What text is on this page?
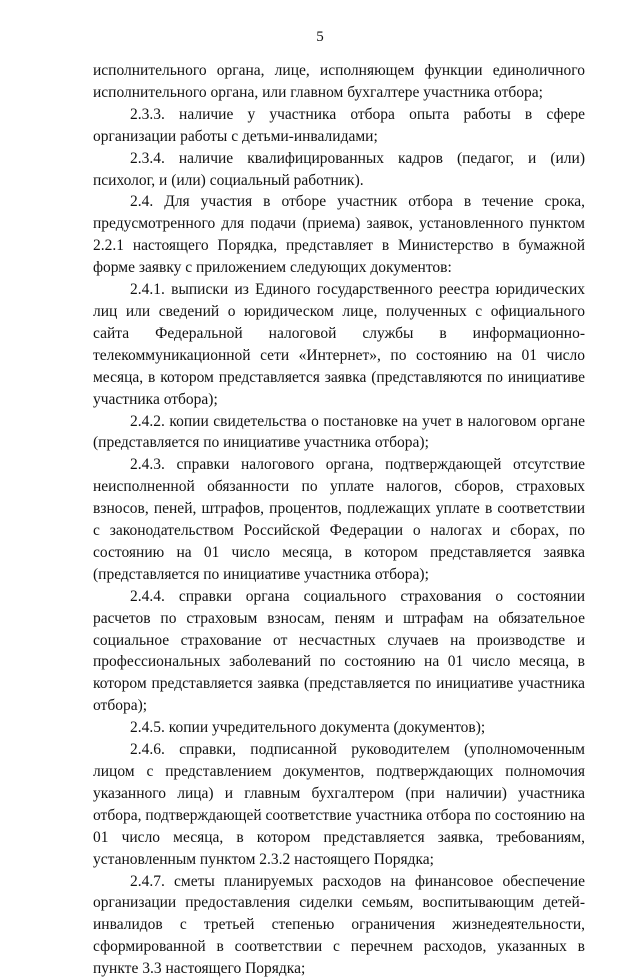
5

исполнительного органа, лице, исполняющем функции единоличного исполнительного органа, или главном бухгалтере участника отбора;

2.3.3. наличие у участника отбора опыта работы в сфере организации работы с детьми-инвалидами;

2.3.4. наличие квалифицированных кадров (педагог, и (или) психолог, и (или) социальный работник).

2.4. Для участия в отборе участник отбора в течение срока, предусмотренного для подачи (приема) заявок, установленного пунктом 2.2.1 настоящего Порядка, представляет в Министерство в бумажной форме заявку с приложением следующих документов:

2.4.1. выписки из Единого государственного реестра юридических лиц или сведений о юридическом лице, полученных с официального сайта Федеральной налоговой службы в информационно-телекоммуникационной сети «Интернет», по состоянию на 01 число месяца, в котором представляется заявка (представляются по инициативе участника отбора);

2.4.2. копии свидетельства о постановке на учет в налоговом органе (представляется по инициативе участника отбора);

2.4.3. справки налогового органа, подтверждающей отсутствие неисполненной обязанности по уплате налогов, сборов, страховых взносов, пеней, штрафов, процентов, подлежащих уплате в соответствии с законодательством Российской Федерации о налогах и сборах, по состоянию на 01 число месяца, в котором представляется заявка (представляется по инициативе участника отбора);

2.4.4. справки органа социального страхования о состоянии расчетов по страховым взносам, пеням и штрафам на обязательное социальное страхование от несчастных случаев на производстве и профессиональных заболеваний по состоянию на 01 число месяца, в котором представляется заявка (представляется по инициативе участника отбора);

2.4.5. копии учредительного документа (документов);

2.4.6. справки, подписанной руководителем (уполномоченным лицом с представлением документов, подтверждающих полномочия указанного лица) и главным бухгалтером (при наличии) участника отбора, подтверждающей соответствие участника отбора по состоянию на 01 число месяца, в котором представляется заявка, требованиям, установленным пунктом 2.3.2 настоящего Порядка;

2.4.7. сметы планируемых расходов на финансовое обеспечение организации предоставления сиделки семьям, воспитывающим детей-инвалидов с третьей степенью ограничения жизнедеятельности, сформированной в соответствии с перечнем расходов, указанных в пункте 3.3 настоящего Порядка;
